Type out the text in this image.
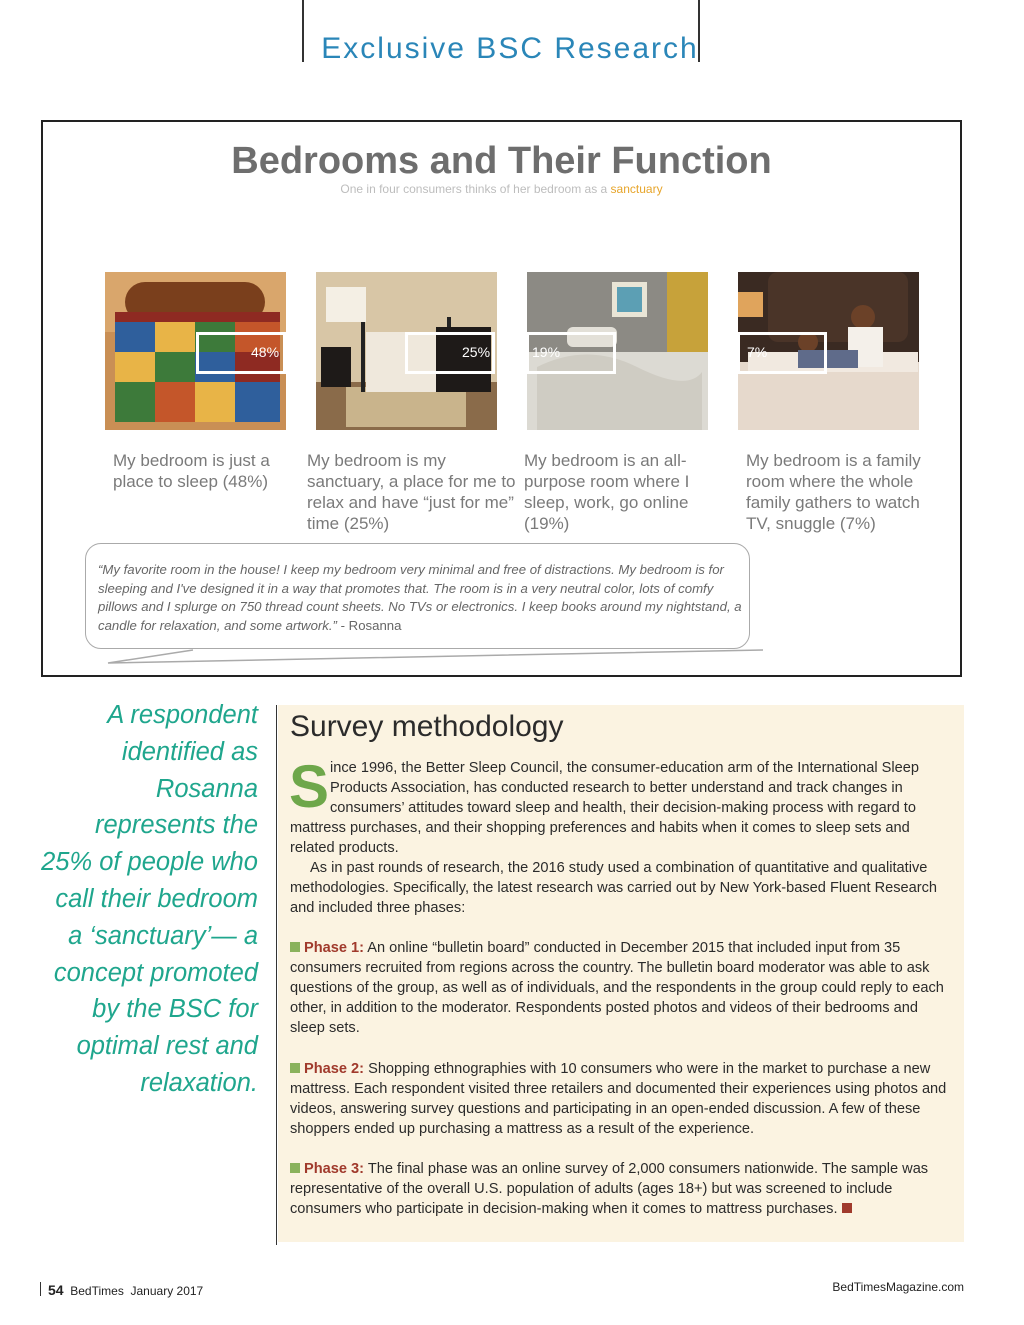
Exclusive BSC Research
Bedrooms and Their Function
One in four consumers thinks of her bedroom as a sanctuary
48%	25%	19%	7%
My bedroom is just a place to sleep (48%)
My bedroom is my sanctuary, a place for me to relax and have “just for me” time (25%)
My bedroom is an all-purpose room where I sleep, work, go online (19%)
My bedroom is a family room where the whole family gathers to watch TV, snuggle (7%)
“My favorite room in the house! I keep my bedroom very minimal and free of distractions. My bedroom is for sleeping and I've designed it in a way that promotes that. The room is in a very neutral color, lots of comfy pillows and I splurge on 750 thread count sheets. No TVs or electronics. I keep books around my nightstand, a candle for relaxation, and some artwork.” - Rosanna
A respondent identified as Rosanna represents the 25% of people who call their bedroom a ‘sanctuary’— a concept promoted by the BSC for optimal rest and relaxation.
Survey methodology
S ince 1996, the Better Sleep Council, the consumer-education arm of the International Sleep Products Association, has conducted research to better understand and track changes in consumers’ attitudes toward sleep and health, their decision-making process with regard to mattress purchases, and their shopping preferences and habits when it comes to sleep sets and related products.
As in past rounds of research, the 2016 study used a combination of quantitative and qualitative methodologies. Specifically, the latest research was carried out by New York-based Fluent Research and included three phases:
Phase 1: An online “bulletin board” conducted in December 2015 that included input from 35 consumers recruited from regions across the country. The bulletin board moderator was able to ask questions of the group, as well as of individuals, and the respondents in the group could reply to each other, in addition to the moderator. Respondents posted photos and videos of their bedrooms and sleep sets.
Phase 2: Shopping ethnographies with 10 consumers who were in the market to purchase a new mattress. Each respondent visited three retailers and documented their experiences using photos and videos, answering survey questions and participating in an open-ended discussion. A few of these shoppers ended up purchasing a mattress as a result of the experience.
Phase 3: The final phase was an online survey of 2,000 consumers nationwide. The sample was representative of the overall U.S. population of adults (ages 18+) but was screened to include consumers who participate in decision-making when it comes to mattress purchases.
54 BedTimes January 2017	BedTimesMagazine.com
